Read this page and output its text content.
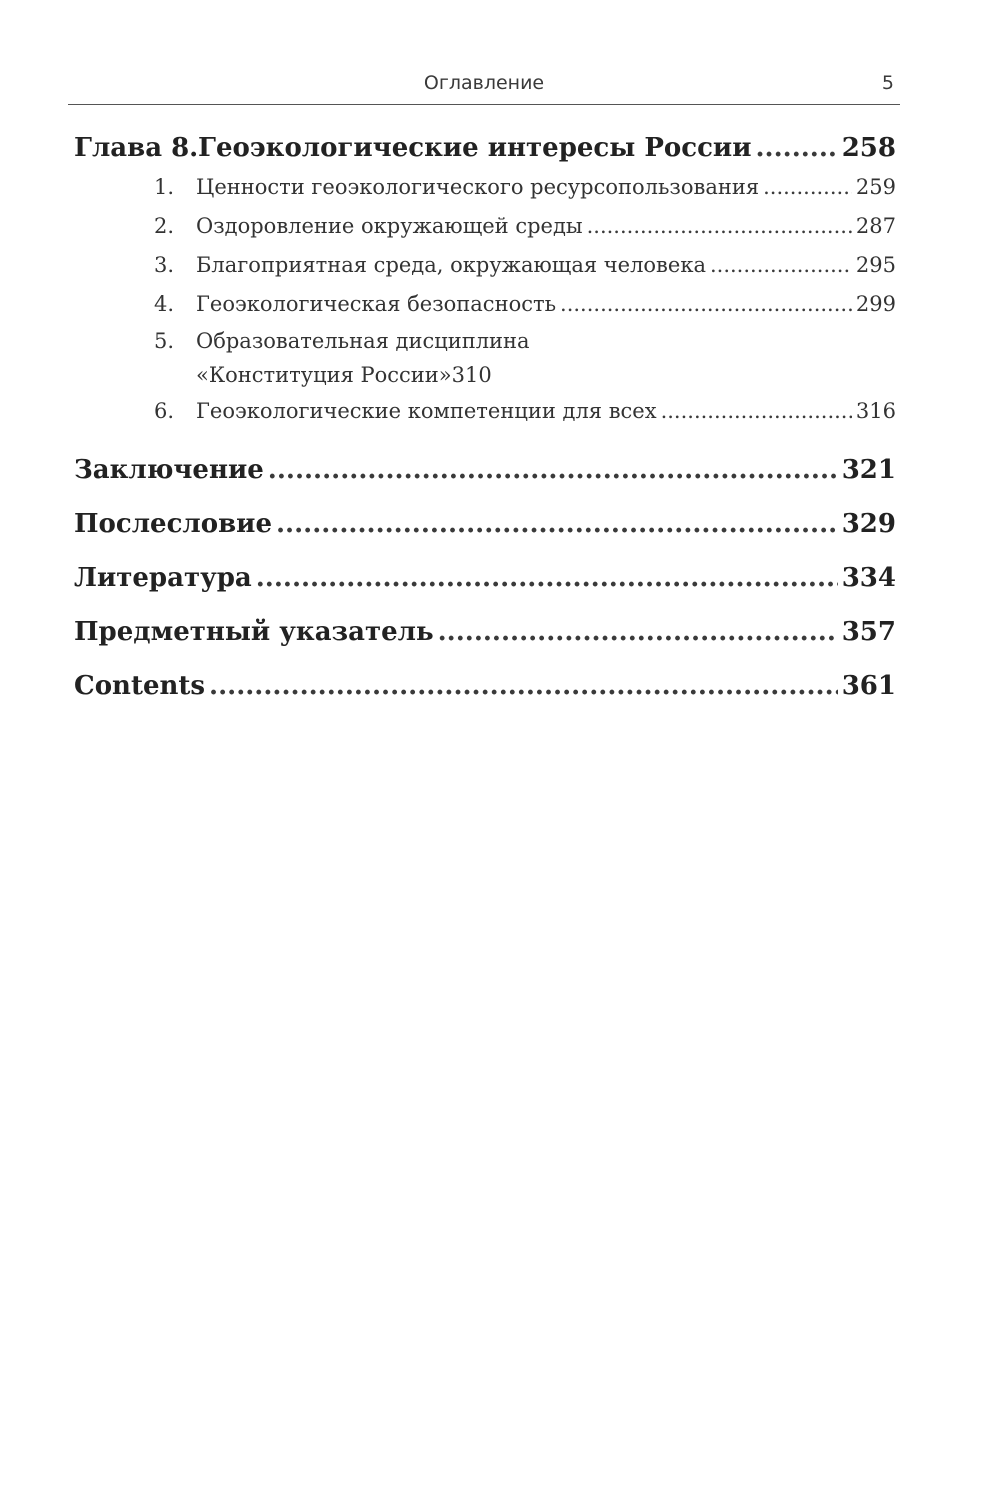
Оглавление	5
Глава 8.Геоэкологические интересы России .....	258
1. Ценности геоэкологического ресурсопользования .....	259
2. Оздоровление окружающей среды .....	287
3. Благоприятная среда, окружающая человека .....	295
4. Геоэкологическая безопасность .....	299
5. Образовательная дисциплина
«Конституция России» 310
6. Геоэкологические компетенции для всех .....	316
Заключение .....	321
Послесловие .....	329
Литература .....	334
Предметный указатель .....	357
Contents .....	361
